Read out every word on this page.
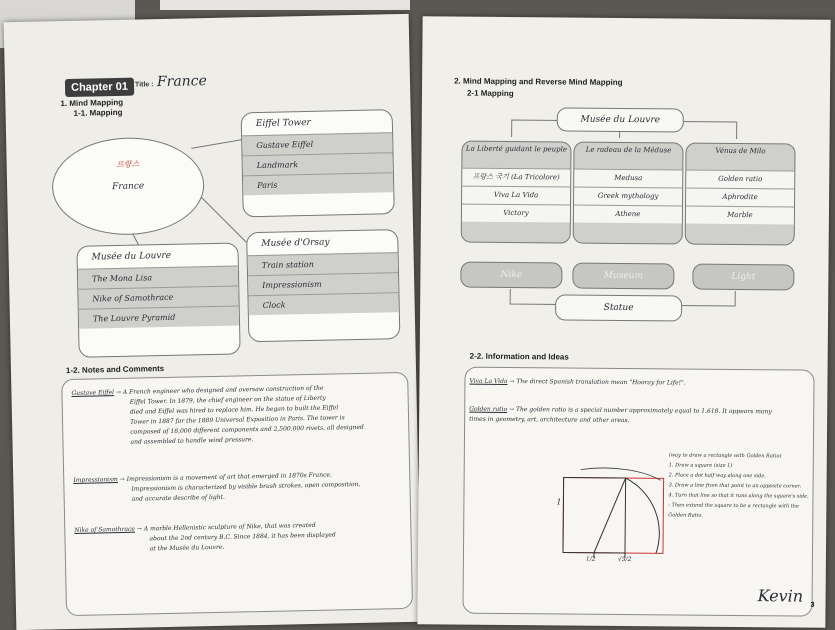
Chapter 01 Title : France
1. Mind Mapping
1-1. Mapping
프랑스
France
Eiffel Tower
Gustave Eiffel
Landmark
Paris
Musée du Louvre
The Mona Lisa
Nike of Samothrace
The Louvre Pyramid
Musée d'Orsay
Train station
Impressionism
Clock
1-2. Notes and Comments
Gustave Eiffel → A French engineer who designed and oversaw construction of the
Eiffel Tower. In 1879, the chief engineer on the statue of Liberty
died and Eiffel was hired to replace him. He began to built the Eiffel
Tower in 1887 for the 1889 Universal Exposition in Paris. The tower is
composed of 18,000 different components and 2,500,000 rivets, all designed
and assembled to handle wind pressure.
Impressionism → Impressionism is a movement of art that emerged in 1870s France.
Impressionism is characterized by visible brush strokes, open composition,
and accurate describe of light.
Nike of Samothrace → A marble Hellenistic sculpture of Nike, that was created
about the 2nd century B.C. Since 1884, it has been displayed
at the Musée du Louvre.
2. Mind Mapping and Reverse Mind Mapping
2-1 Mapping
Musée du Louvre
La Liberté guidant le peuple
프랑스 국기 (La Tricolore)
Viva La Vida
Victory
Le radeau de la Méduse
Medusa
Greek mythology
Athene
Vénus de Milo
Golden ratio
Aphrodite
Marble
Nike	Museum	Light
Statue
2-2. Information and Ideas
Viva La Vida → The direct Spanish translation mean "Hooray for Life!".
Golden ratio → The golden ratio is a special number approximately equal to 1.618. It appears many times in geometry, art, architecture and other areas.
1
1/2	√5/2
(way to draw a rectangle with Golden Ratio)
1. Draw a square (size 1)
2. Place a dot half way along one side.
3. Draw a line from that point to an opposite corner.
4. Turn that line so that it runs along the square's side.
- Then extend the square to be a rectangle with the Golden Ratio.
Kevin 3
